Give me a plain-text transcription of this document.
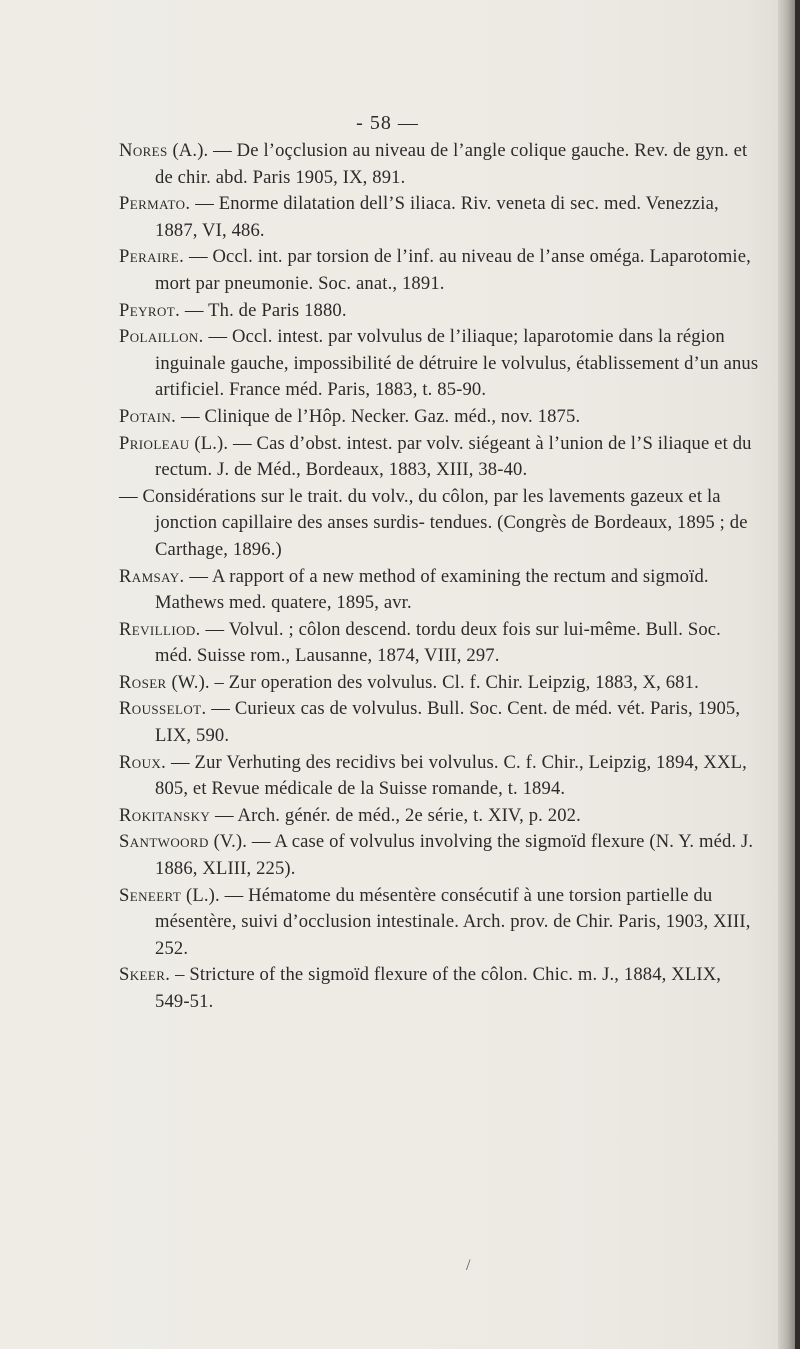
- 58 —

Nores (A.). — De l’oçclusion au niveau de l’angle colique gauche. Rev. de gyn. et de chir. abd. Paris 1905, IX, 891.

Permato. — Enorme dilatation dell’S iliaca. Riv. veneta di sec. med. Venezzia, 1887, VI, 486.

Peraire. — Occl. int. par torsion de l’inf. au niveau de l’anse oméga. Laparotomie, mort par pneumonie. Soc. anat., 1891.

Peyrot. — Th. de Paris 1880.

Polaillon. — Occl. intest. par volvulus de l’iliaque; laparotomie dans la région inguinale gauche, impossibilité de détruire le volvulus, établissement d’un anus artificiel. France méd. Paris, 1883, t. 85-90.

Potain. — Clinique de l’Hôp. Necker. Gaz. méd., nov. 1875.

Prioleau (L.). — Cas d’obst. intest. par volv. siégeant à l’union de l’S iliaque et du rectum. J. de Méd., Bordeaux, 1883, XIII, 38-40.

— Considérations sur le trait. du volv., du côlon, par les lavements gazeux et la jonction capillaire des anses surdis- tendues. (Congrès de Bordeaux, 1895 ; de Carthage, 1896.)

Ramsay. — A rapport of a new method of examining the rectum and sigmoïd. Mathews med. quatere, 1895, avr.

Revilliod. — Volvul. ; côlon descend. tordu deux fois sur lui-même. Bull. Soc. méd. Suisse rom., Lausanne, 1874, VIII, 297.

Roser (W.). – Zur operation des volvulus. Cl. f. Chir. Leipzig, 1883, X, 681.

Rousselot. — Curieux cas de volvulus. Bull. Soc. Cent. de méd. vét. Paris, 1905, LIX, 590.

Roux. — Zur Verhuting des recidivs bei volvulus. C. f. Chir., Leipzig, 1894, XXL, 805, et Revue médicale de la Suisse romande, t. 1894.

Rokitansky — Arch. génér. de méd., 2e série, t. XIV, p. 202.

Santwoord (V.). — A case of volvulus involving the sigmoïd flexure (N. Y. méd. J. 1886, XLIII, 225).

Seneert (L.). — Hématome du mésentère consécutif à une torsion partielle du mésentère, suivi d’occlusion intestinale. Arch. prov. de Chir. Paris, 1903, XIII, 252.

Skeer. – Stricture of the sigmoïd flexure of the côlon. Chic. m. J., 1884, XLIX, 549-51.

/
